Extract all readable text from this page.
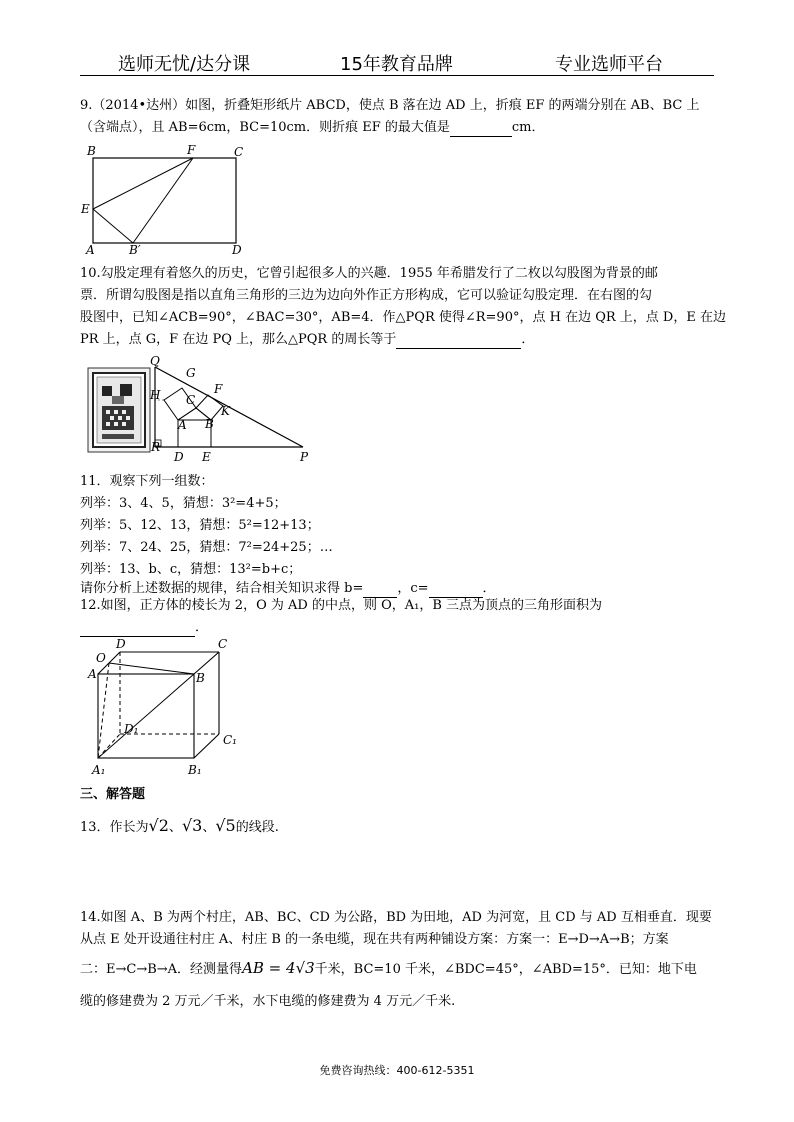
选师无忧/达分课	15年教育品牌	专业选师平台
9.（2014•达州）如图，折叠矩形纸片 ABCD，使点 B 落在边 AD 上，折痕 EF 的两端分别在 AB、BC 上
（含端点），且 AB=6cm，BC=10cm．则折痕 EF 的最大值是	cm．
B	F	C
E
A	B′	D
10.勾股定理有着悠久的历史，它曾引起很多人的兴趣．1955 年希腊发行了二枚以勾股图为背景的邮
票．所谓勾股图是指以直角三角形的三边为边向外作正方形构成，它可以验证勾股定理．在右图的勾
股图中，已知∠ACB=90°，∠BAC=30°，AB=4．作△PQR 使得∠R=90°，点 H 在边 QR 上，点 D，E 在边
PR 上，点 G，F 在边 PQ 上，那么△PQR 的周长等于	．
Q
G
H	F
C
K
A B
R
D E	P
11．观察下列一组数：
列举：3、4、5，猜想：3²=4+5；
列举：5、12、13，猜想：5²=12+13；
列举：7、24、25，猜想：7²=24+25；…
列举：13、b、c，猜想：13²=b+c；
请你分析上述数据的规律，结合相关知识求得 b=	，c=	．
12.如图，正方体的棱长为 2，O 为 AD 的中点，则 O，A₁，B 三点为顶点的三角形面积为
．
D	C
O
A	B
D₁
C₁
A₁	B₁
三、解答题
13．作长为√2、√3、√5的线段.
14.如图 A、B 为两个村庄，AB、BC、CD 为公路，BD 为田地，AD 为河宽，且 CD 与 AD 互相垂直．现要
从点 E 处开设通往村庄 A、村庄 B 的一条电缆，现在共有两种铺设方案：方案一：E→D→A→B；方案
二：E→C→B→A．经测量得AB = 4√3千米，BC=10 千米，∠BDC=45°，∠ABD=15°．已知：地下电
缆的修建费为 2 万元／千米，水下电缆的修建费为 4 万元／千米.
免费咨询热线：400-612-5351
